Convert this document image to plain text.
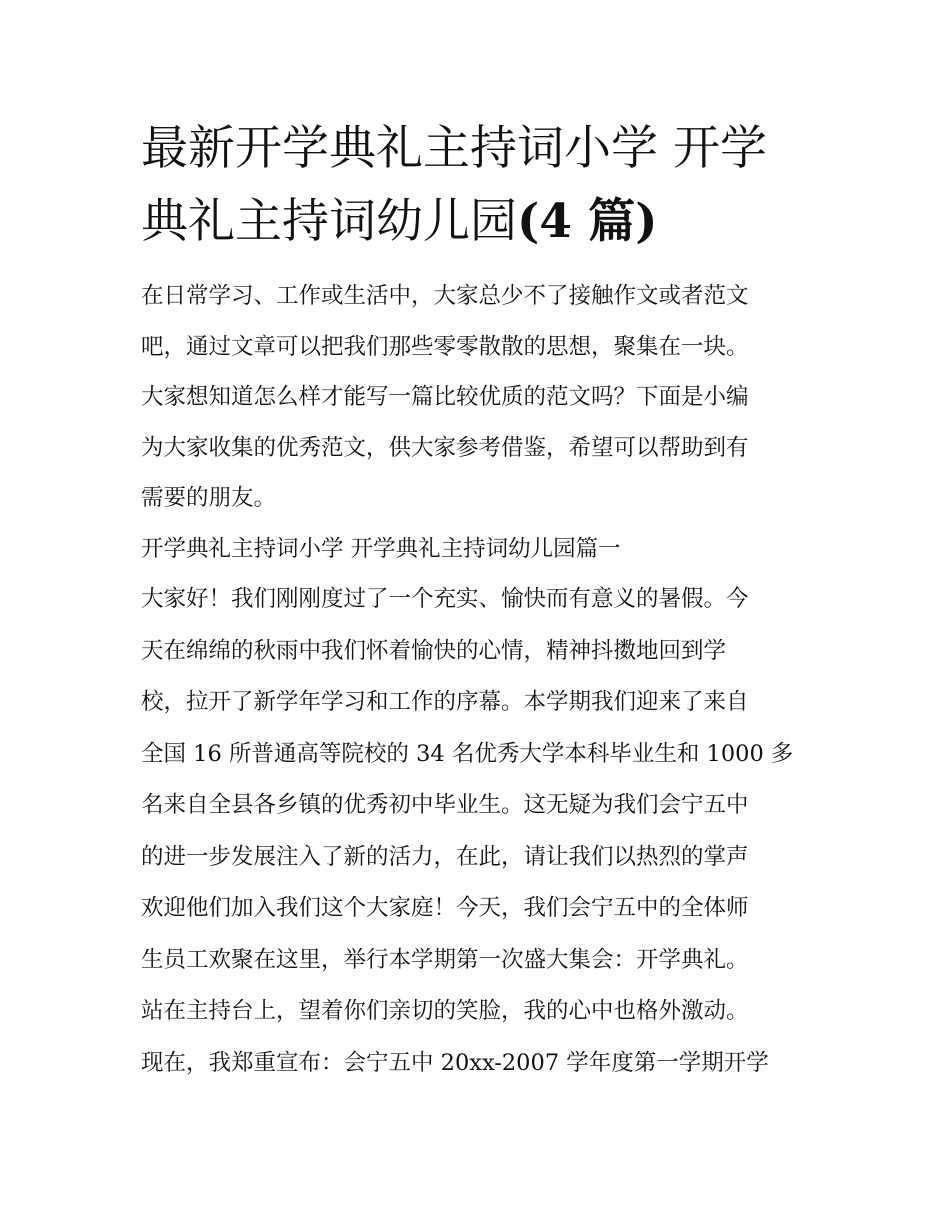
最新开学典礼主持词小学 开学
典礼主持词幼儿园(4 篇)
在日常学习、工作或生活中，大家总少不了接触作文或者范文
吧，通过文章可以把我们那些零零散散的思想，聚集在一块。
大家想知道怎么样才能写一篇比较优质的范文吗？下面是小编
为大家收集的优秀范文，供大家参考借鉴，希望可以帮助到有
需要的朋友。
开学典礼主持词小学 开学典礼主持词幼儿园篇一
大家好！我们刚刚度过了一个充实、愉快而有意义的暑假。今
天在绵绵的秋雨中我们怀着愉快的心情，精神抖擞地回到学
校，拉开了新学年学习和工作的序幕。本学期我们迎来了来自
全国 16 所普通高等院校的 34 名优秀大学本科毕业生和 1000 多
名来自全县各乡镇的优秀初中毕业生。这无疑为我们会宁五中
的进一步发展注入了新的活力，在此，请让我们以热烈的掌声
欢迎他们加入我们这个大家庭！今天，我们会宁五中的全体师
生员工欢聚在这里，举行本学期第一次盛大集会：开学典礼。
站在主持台上，望着你们亲切的笑脸，我的心中也格外激动。
现在，我郑重宣布：会宁五中 20xx-2007 学年度第一学期开学
